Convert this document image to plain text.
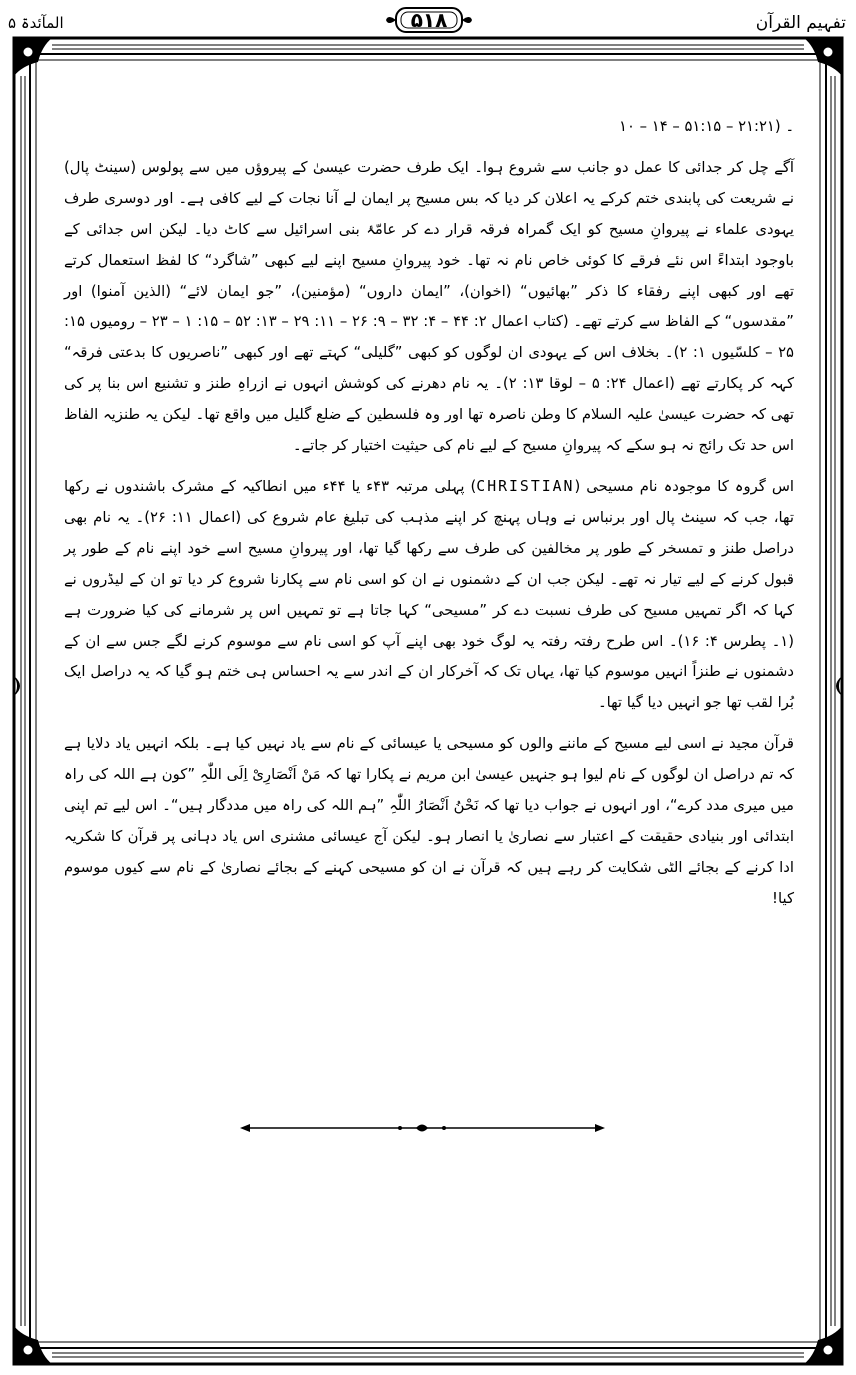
تفہیم القرآن
۵۱۸
المآئدۃ ۵

۔ (۲۱:۲۱ – ۵۱:۱۵ – ۱۴ – ۱۰

آگے چل کر جدائی کا عمل دو جانب سے شروع ہوا۔ ایک طرف حضرت عیسیٰ کے پیروؤں میں سے پولوس (سینٹ پال) نے شریعت کی پابندی ختم کرکے یہ اعلان کر دیا کہ بس مسیح پر ایمان لے آنا نجات کے لیے کافی ہے۔ اور دوسری طرف یہودی علماء نے پیروانِ مسیح کو ایک گمراہ فرقہ قرار دے کر عامّۂ بنی اسرائیل سے کاٹ دیا۔ لیکن اس جدائی کے باوجود ابتداءً اس نئے فرقے کا کوئی خاص نام نہ تھا۔ خود پیروانِ مسیح اپنے لیے کبھی ”شاگرد“ کا لفظ استعمال کرتے تھے اور کبھی اپنے رفقاء کا ذکر ”بھائیوں“ (اخوان)، ”ایمان داروں“ (مؤمنین)، ”جو ایمان لائے“ (الذین آمنوا) اور ”مقدسوں“ کے الفاظ سے کرتے تھے۔ (کتاب اعمال ۲: ۴۴ – ۴: ۳۲ – ۹: ۲۶ – ۱۱: ۲۹ – ۱۳: ۵۲ – ۱۵: ۱ – ۲۳ – رومیوں ۱۵: ۲۵ – کلسّیوں ۱: ۲)۔ بخلاف اس کے یہودی ان لوگوں کو کبھی ”گلیلی“ کہتے تھے اور کبھی ”ناصریوں کا بدعتی فرقہ“ کہہ کر پکارتے تھے (اعمال ۲۴: ۵ – لوقا ۱۳: ۲)۔ یہ نام دھرنے کی کوشش انہوں نے ازراہِ طنز و تشنیع اس بنا پر کی تھی کہ حضرت عیسیٰ علیہ السلام کا وطن ناصرہ تھا اور وہ فلسطین کے ضلع گلیل میں واقع تھا۔ لیکن یہ طنزیہ الفاظ اس حد تک رائج نہ ہو سکے کہ پیروانِ مسیح کے لیے نام کی حیثیت اختیار کر جاتے۔

اس گروہ کا موجودہ نام مسیحی (CHRISTIAN) پہلی مرتبہ ۴۳ء یا ۴۴ء میں انطاکیہ کے مشرک باشندوں نے رکھا تھا، جب کہ سینٹ پال اور برنباس نے وہاں پہنچ کر اپنے مذہب کی تبلیغ عام شروع کی (اعمال ۱۱: ۲۶)۔ یہ نام بھی دراصل طنز و تمسخر کے طور پر مخالفین کی طرف سے رکھا گیا تھا، اور پیروانِ مسیح اسے خود اپنے نام کے طور پر قبول کرنے کے لیے تیار نہ تھے۔ لیکن جب ان کے دشمنوں نے ان کو اسی نام سے پکارنا شروع کر دیا تو ان کے لیڈروں نے کہا کہ اگر تمہیں مسیح کی طرف نسبت دے کر ”مسیحی“ کہا جاتا ہے تو تمہیں اس پر شرمانے کی کیا ضرورت ہے (۱۔ پطرس ۴: ۱۶)۔ اس طرح رفتہ رفتہ یہ لوگ خود بھی اپنے آپ کو اسی نام سے موسوم کرنے لگے جس سے ان کے دشمنوں نے طنزاً انہیں موسوم کیا تھا، یہاں تک کہ آخرکار ان کے اندر سے یہ احساس ہی ختم ہو گیا کہ یہ دراصل ایک بُرا لقب تھا جو انہیں دیا گیا تھا۔

قرآن مجید نے اسی لیے مسیح کے ماننے والوں کو مسیحی یا عیسائی کے نام سے یاد نہیں کیا ہے۔ بلکہ انہیں یاد دلایا ہے کہ تم دراصل ان لوگوں کے نام لیوا ہو جنہیں عیسیٰ ابن مریم نے پکارا تھا کہ مَنْ اَنْصَارِیْ اِلَی اللّٰہِ ”کون ہے اللہ کی راہ میں میری مدد کرے“، اور انہوں نے جواب دیا تھا کہ نَحْنُ اَنْصَارُ اللّٰہِ ”ہم اللہ کی راہ میں مددگار ہیں“۔ اس لیے تم اپنی ابتدائی اور بنیادی حقیقت کے اعتبار سے نصاریٰ یا انصار ہو۔ لیکن آج عیسائی مشنری اس یاد دہانی پر قرآن کا شکریہ ادا کرنے کے بجائے الٹی شکایت کر رہے ہیں کہ قرآن نے ان کو مسیحی کہنے کے بجائے نصاریٰ کے نام سے کیوں موسوم کیا!
